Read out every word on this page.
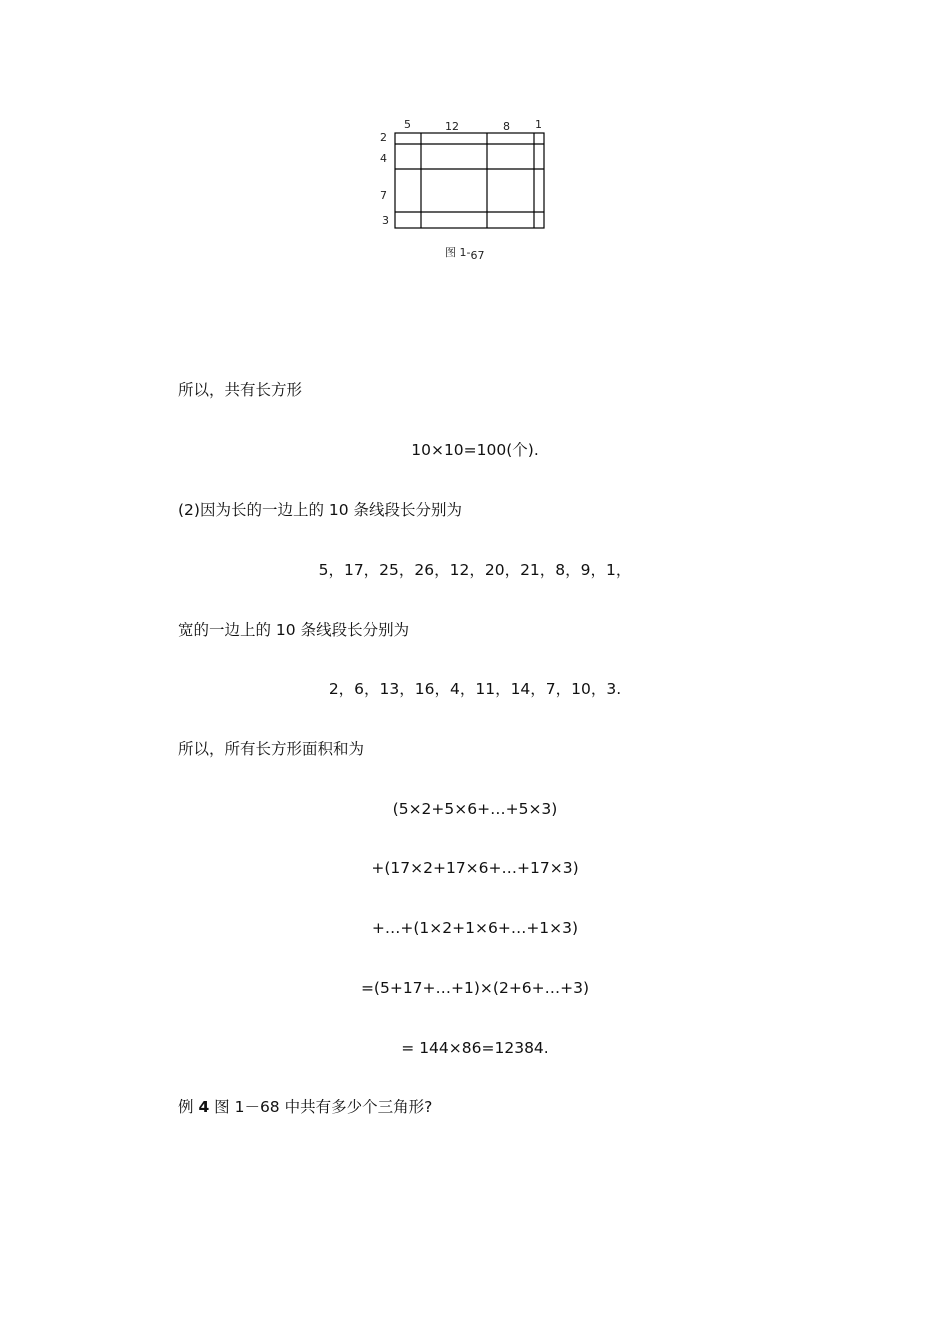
5	12	8 1
2
4
7
3
图 1-67
所以，共有长方形
10×10=100(个).
(2)因为长的一边上的 10 条线段长分别为
5，17，25，26，12，20，21，8，9，1，
宽的一边上的 10 条线段长分别为
2，6，13，16，4，11，14，7，10，3.
所以，所有长方形面积和为
(5×2+5×6+…+5×3)
+(17×2+17×6+…+17×3)
+…+(1×2+1×6+…+1×3)
=(5+17+…+1)×(2+6+…+3)
= 144×86=12384.
例 4 图 1－68 中共有多少个三角形?
